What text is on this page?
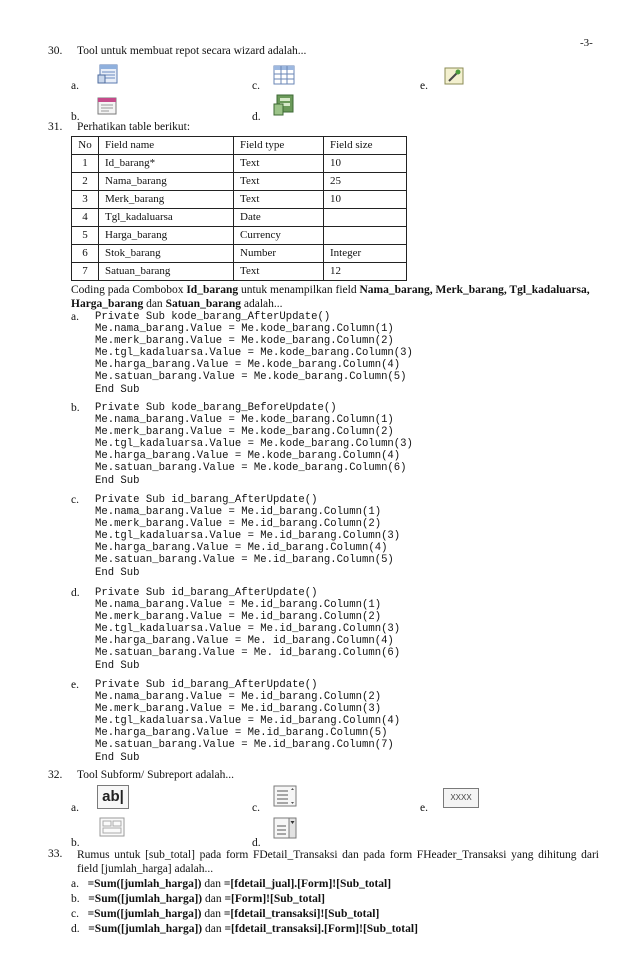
-3-
30. Tool untuk membuat repot secara wizard adalah...
a.
b.
c.
d.
e.
31. Perhatikan table berikut:
No	Field name	Field type	Field size
1	Id_barang*	Text	10
2	Nama_barang	Text	25
3	Merk_barang	Text	10
4	Tgl_kadaluarsa	Date	
5	Harga_barang	Currency	
6	Stok_barang	Number	Integer
7	Satuan_barang	Text	12
Coding pada Combobox Id_barang untuk menampilkan field Nama_barang, Merk_barang, Tgl_kadaluarsa, Harga_barang dan Satuan_barang adalah...
a. Private Sub kode_barang_AfterUpdate()
Me.nama_barang.Value = Me.kode_barang.Column(1)
Me.merk_barang.Value = Me.kode_barang.Column(2)
Me.tgl_kadaluarsa.Value = Me.kode_barang.Column(3)
Me.harga_barang.Value = Me.kode_barang.Column(4)
Me.satuan_barang.Value = Me.kode_barang.Column(5)
End Sub
b. Private Sub kode_barang_BeforeUpdate()
Me.nama_barang.Value = Me.kode_barang.Column(1)
Me.merk_barang.Value = Me.kode_barang.Column(2)
Me.tgl_kadaluarsa.Value = Me.kode_barang.Column(3)
Me.harga_barang.Value = Me.kode_barang.Column(4)
Me.satuan_barang.Value = Me.kode_barang.Column(6)
End Sub
c. Private Sub id_barang_AfterUpdate()
Me.nama_barang.Value = Me.id_barang.Column(1)
Me.merk_barang.Value = Me.id_barang.Column(2)
Me.tgl_kadaluarsa.Value = Me.id_barang.Column(3)
Me.harga_barang.Value = Me.id_barang.Column(4)
Me.satuan_barang.Value = Me.id_barang.Column(5)
End Sub
d. Private Sub id_barang_AfterUpdate()
Me.nama_barang.Value = Me.id_barang.Column(1)
Me.merk_barang.Value = Me.id_barang.Column(2)
Me.tgl_kadaluarsa.Value = Me.id_barang.Column(3)
Me.harga_barang.Value = Me. id_barang.Column(4)
Me.satuan_barang.Value = Me. id_barang.Column(6)
End Sub
e. Private Sub id_barang_AfterUpdate()
Me.nama_barang.Value = Me.id_barang.Column(2)
Me.merk_barang.Value = Me.id_barang.Column(3)
Me.tgl_kadaluarsa.Value = Me.id_barang.Column(4)
Me.harga_barang.Value = Me.id_barang.Column(5)
Me.satuan_barang.Value = Me.id_barang.Column(7)
End Sub
32. Tool Subform/ Subreport adalah...
a.
ab|
b.
c.
d.
e.
XXXX
33. Rumus untuk [sub_total] pada form FDetail_Transaksi dan pada form FHeader_Transaksi yang dihitung dari field [jumlah_harga] adalah...
a. =Sum([jumlah_harga]) dan =[fdetail_jual].[Form]![Sub_total]
b. =Sum([jumlah_harga]) dan =[Form]![Sub_total]
c. =Sum([jumlah_harga]) dan =[fdetail_transaksi]![Sub_total]
d. =Sum([jumlah_harga]) dan =[fdetail_transaksi].[Form]![Sub_total]
